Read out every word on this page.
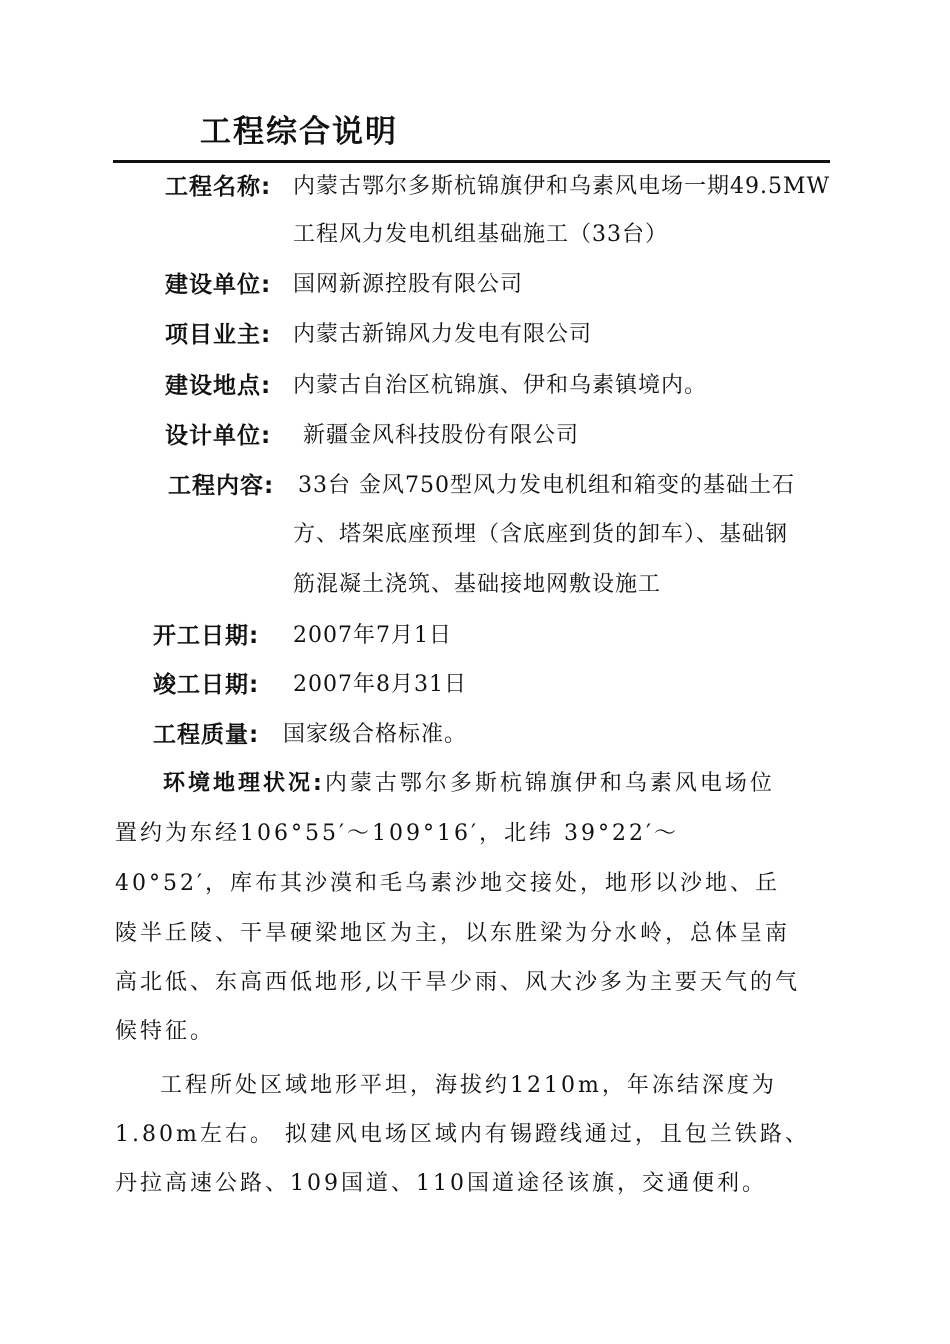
工程综合说明
工程名称: 内蒙古鄂尔多斯杭锦旗伊和乌素风电场一期49.5MW
工程风力发电机组基础施工（33台）
建设单位: 国网新源控股有限公司
项目业主: 内蒙古新锦风力发电有限公司
建设地点: 内蒙古自治区杭锦旗、伊和乌素镇境内。
设计单位: 新疆金风科技股份有限公司
工程内容: 33台 金风750型风力发电机组和箱变的基础土石
方、塔架底座预埋（含底座到货的卸车）、基础钢
筋混凝土浇筑、基础接地网敷设施工
开工日期: 2007年7月1日
竣工日期: 2007年8月31日
工程质量: 国家级合格标准。
环境地理状况:内蒙古鄂尔多斯杭锦旗伊和乌素风电场位
置约为东经106°55′～109°16′，北纬 39°22′～
40°52′，库布其沙漠和毛乌素沙地交接处，地形以沙地、丘
陵半丘陵、干旱硬梁地区为主，以东胜梁为分水岭，总体呈南
高北低、东高西低地形,以干旱少雨、风大沙多为主要天气的气
候特征。
工程所处区域地形平坦，海拔约1210m，年冻结深度为
1.80m左右。 拟建风电场区域内有锡蹬线通过，且包兰铁路、
丹拉高速公路、109国道、110国道途径该旗，交通便利。
